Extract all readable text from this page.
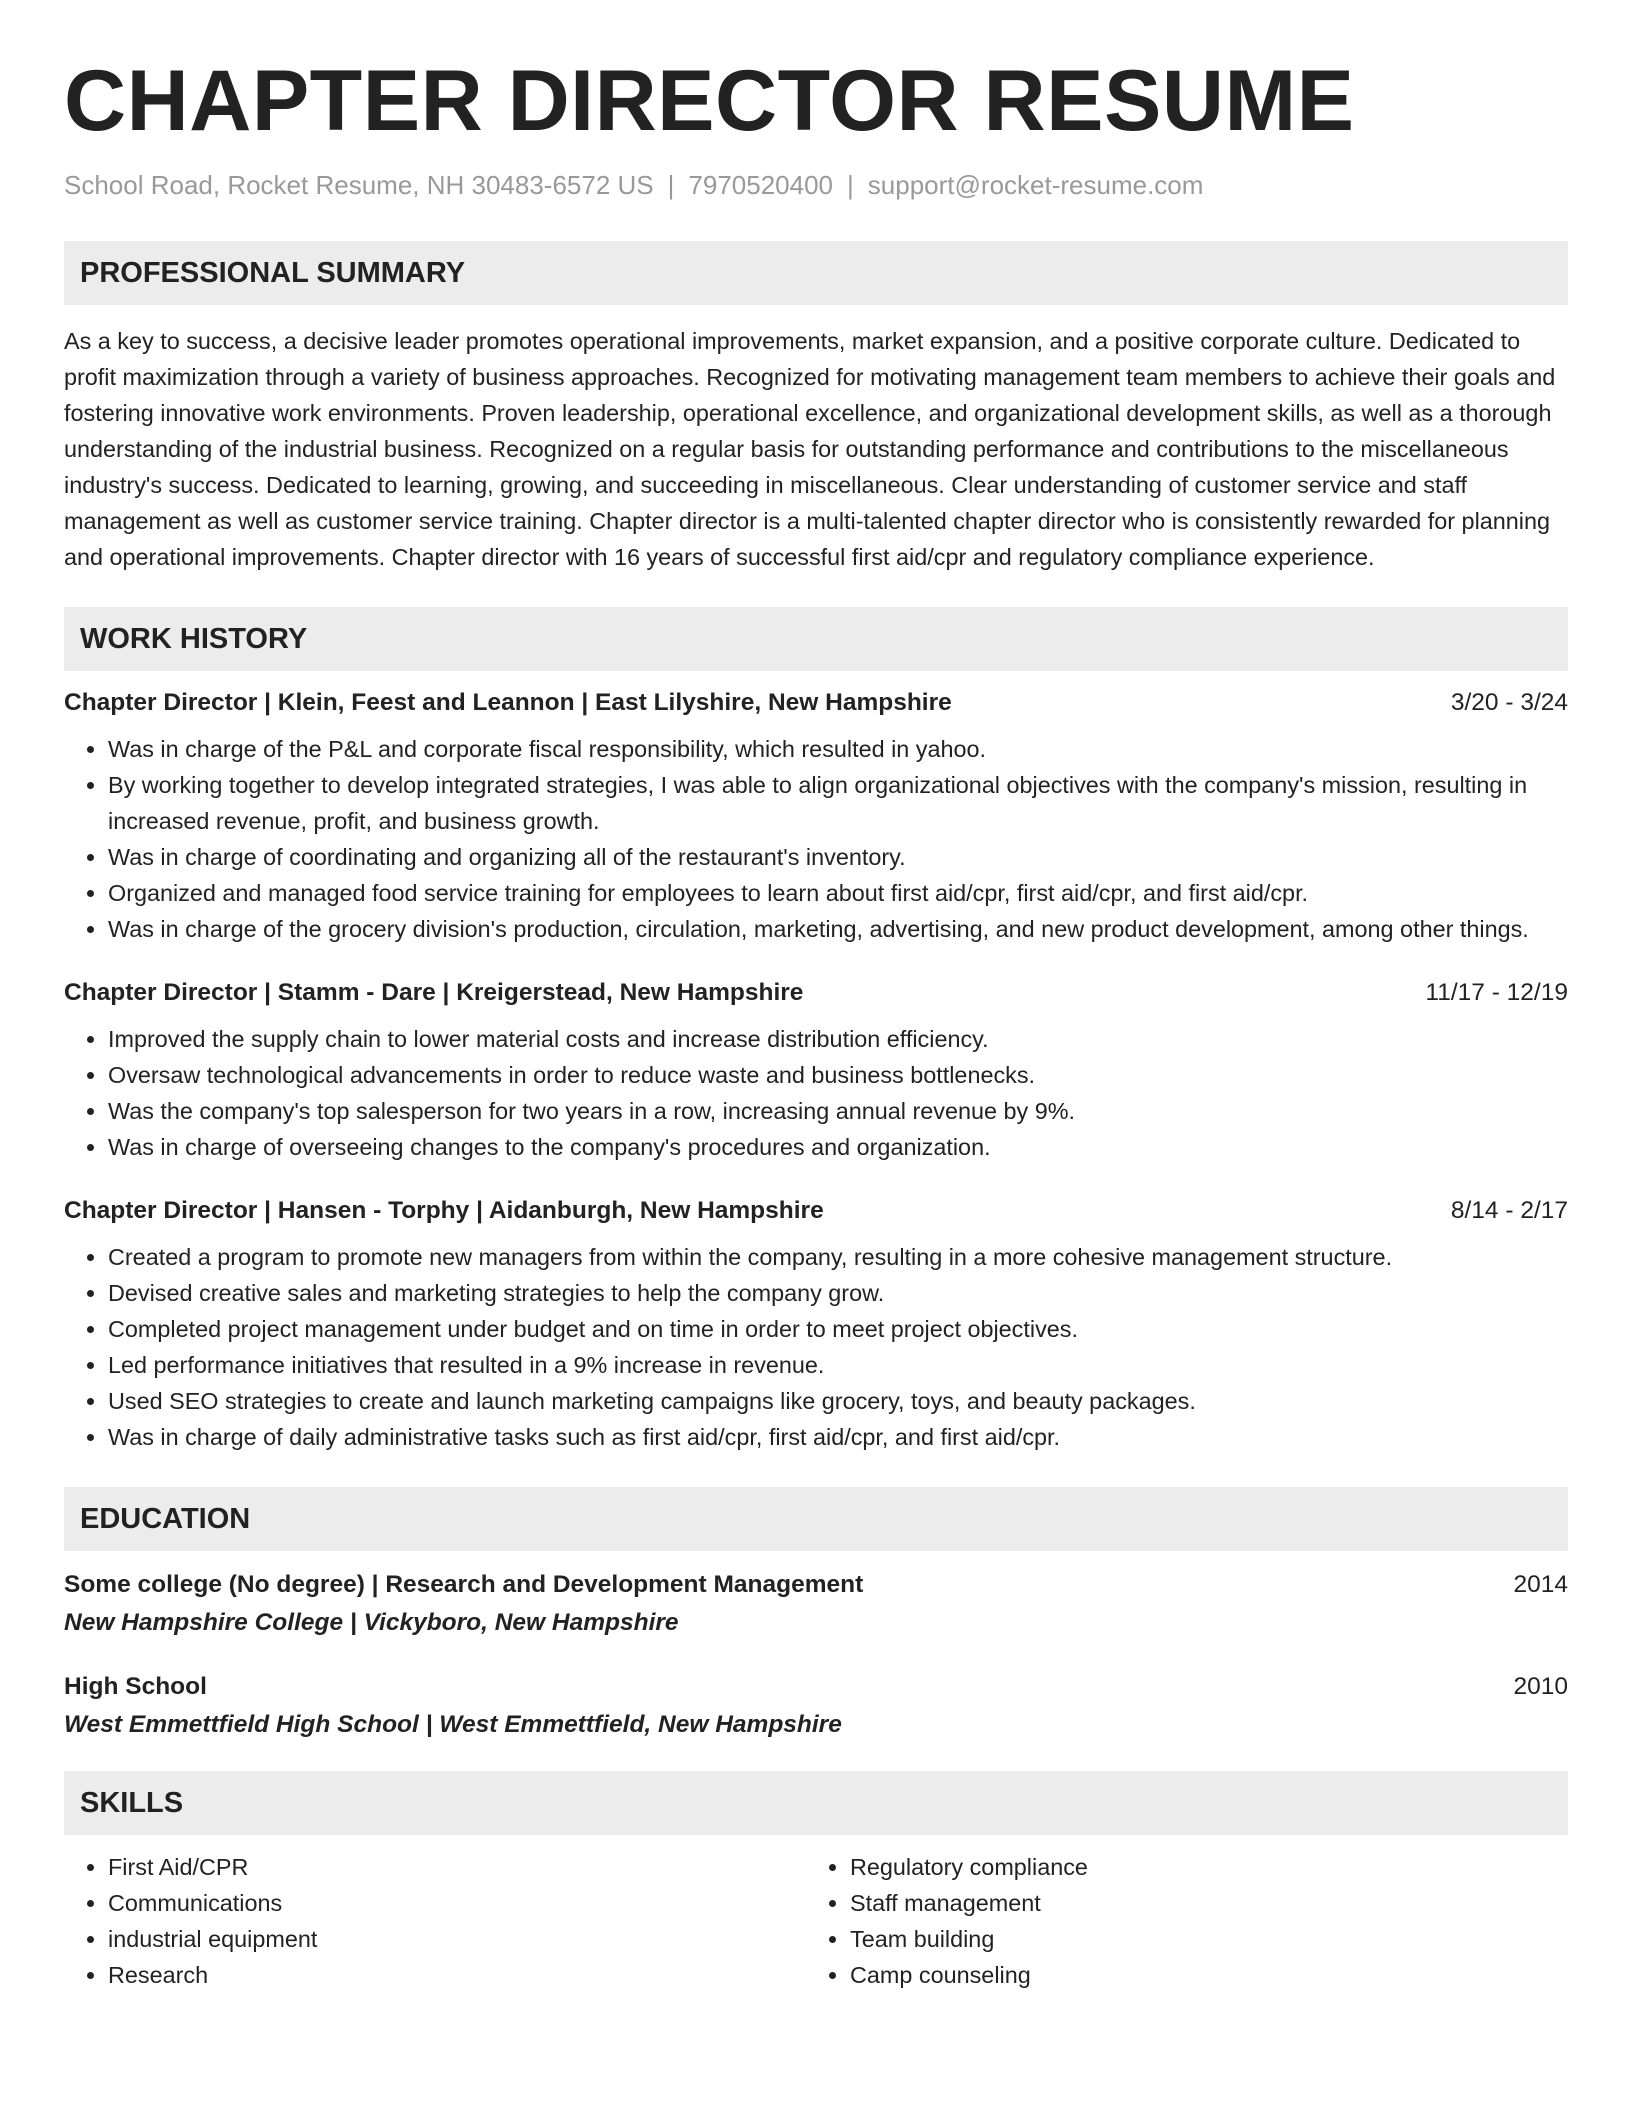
CHAPTER DIRECTOR RESUME
School Road, Rocket Resume, NH 30483-6572 US | 7970520400 | support@rocket-resume.com
PROFESSIONAL SUMMARY
As a key to success, a decisive leader promotes operational improvements, market expansion, and a positive corporate culture. Dedicated to profit maximization through a variety of business approaches. Recognized for motivating management team members to achieve their goals and fostering innovative work environments. Proven leadership, operational excellence, and organizational development skills, as well as a thorough understanding of the industrial business. Recognized on a regular basis for outstanding performance and contributions to the miscellaneous industry's success. Dedicated to learning, growing, and succeeding in miscellaneous. Clear understanding of customer service and staff management as well as customer service training. Chapter director is a multi-talented chapter director who is consistently rewarded for planning and operational improvements. Chapter director with 16 years of successful first aid/cpr and regulatory compliance experience.
WORK HISTORY
Chapter Director | Klein, Feest and Leannon | East Lilyshire, New Hampshire	3/20 - 3/24
• Was in charge of the P&L and corporate fiscal responsibility, which resulted in yahoo.
• By working together to develop integrated strategies, I was able to align organizational objectives with the company's mission, resulting in increased revenue, profit, and business growth.
• Was in charge of coordinating and organizing all of the restaurant's inventory.
• Organized and managed food service training for employees to learn about first aid/cpr, first aid/cpr, and first aid/cpr.
• Was in charge of the grocery division's production, circulation, marketing, advertising, and new product development, among other things.
Chapter Director | Stamm - Dare | Kreigerstead, New Hampshire	11/17 - 12/19
• Improved the supply chain to lower material costs and increase distribution efficiency.
• Oversaw technological advancements in order to reduce waste and business bottlenecks.
• Was the company's top salesperson for two years in a row, increasing annual revenue by 9%.
• Was in charge of overseeing changes to the company's procedures and organization.
Chapter Director | Hansen - Torphy | Aidanburgh, New Hampshire	8/14 - 2/17
• Created a program to promote new managers from within the company, resulting in a more cohesive management structure.
• Devised creative sales and marketing strategies to help the company grow.
• Completed project management under budget and on time in order to meet project objectives.
• Led performance initiatives that resulted in a 9% increase in revenue.
• Used SEO strategies to create and launch marketing campaigns like grocery, toys, and beauty packages.
• Was in charge of daily administrative tasks such as first aid/cpr, first aid/cpr, and first aid/cpr.
EDUCATION
Some college (No degree) | Research and Development Management	2014
New Hampshire College | Vickyboro, New Hampshire
High School	2010
West Emmettfield High School | West Emmettfield, New Hampshire
SKILLS
• First Aid/CPR
• Communications
• industrial equipment
• Research
• Regulatory compliance
• Staff management
• Team building
• Camp counseling
